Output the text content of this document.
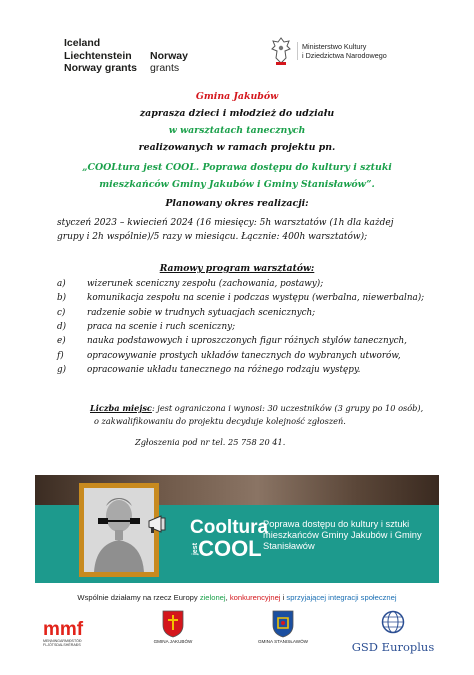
Iceland
Liechtenstein	Norway
Norway grants	grants
Ministerstwo Kultury
i Dziedzictwa Narodowego
Gmina Jakubów
zaprasza dzieci i młodzież do udziału
w warsztatach tanecznych
realizowanych w ramach projektu pn.
„COOLtura jest COOL. Poprawa dostępu do kultury i sztuki
mieszkańców Gminy Jakubów i Gminy Stanisławów”.
Planowany okres realizacji:
styczeń 2023 – kwiecień 2024 (16 miesięcy: 5h warsztatów (1h dla każdej grupy i 2h wspólnie)/5 razy w miesiącu. Łącznie: 400h warsztatów);
Ramowy program warsztatów:
a)	wizerunek sceniczny zespołu (zachowania, postawy);
b)	komunikacja zespołu na scenie i podczas występu (werbalna, niewerbalna);
c)	radzenie sobie w trudnych sytuacjach scenicznych;
d)	praca na scenie i ruch sceniczny;
e)	nauka podstawowych i uproszczonych figur różnych stylów tanecznych,
f)	opracowywanie prostych układów tanecznych do wybranych utworów,
g)	opracowanie układu tanecznego na różnego rodzaju występy.
Liczba miejsc: jest ograniczona i wynosi: 30 uczestników (3 grupy po 10 osób),
o zakwalifikowaniu do projektu decyduje kolejność zgłoszeń.
Zgłoszenia pod nr tel. 25 758 20 41.
Cooltura
jestCOOL
Poprawa dostępu do kultury i sztuki mieszkańców Gminy Jakubów i Gminy Stanisławów
Wspólnie działamy na rzecz Europy zielonej, konkurencyjnej i sprzyjającej integracji społecznej
mmf
MENNINGARMIÐSTÖÐ FLJÓTSDALSHÉRAÐS
GMINA JAKUBÓW	GMINA STANISŁAWÓW	GSD Europlus
